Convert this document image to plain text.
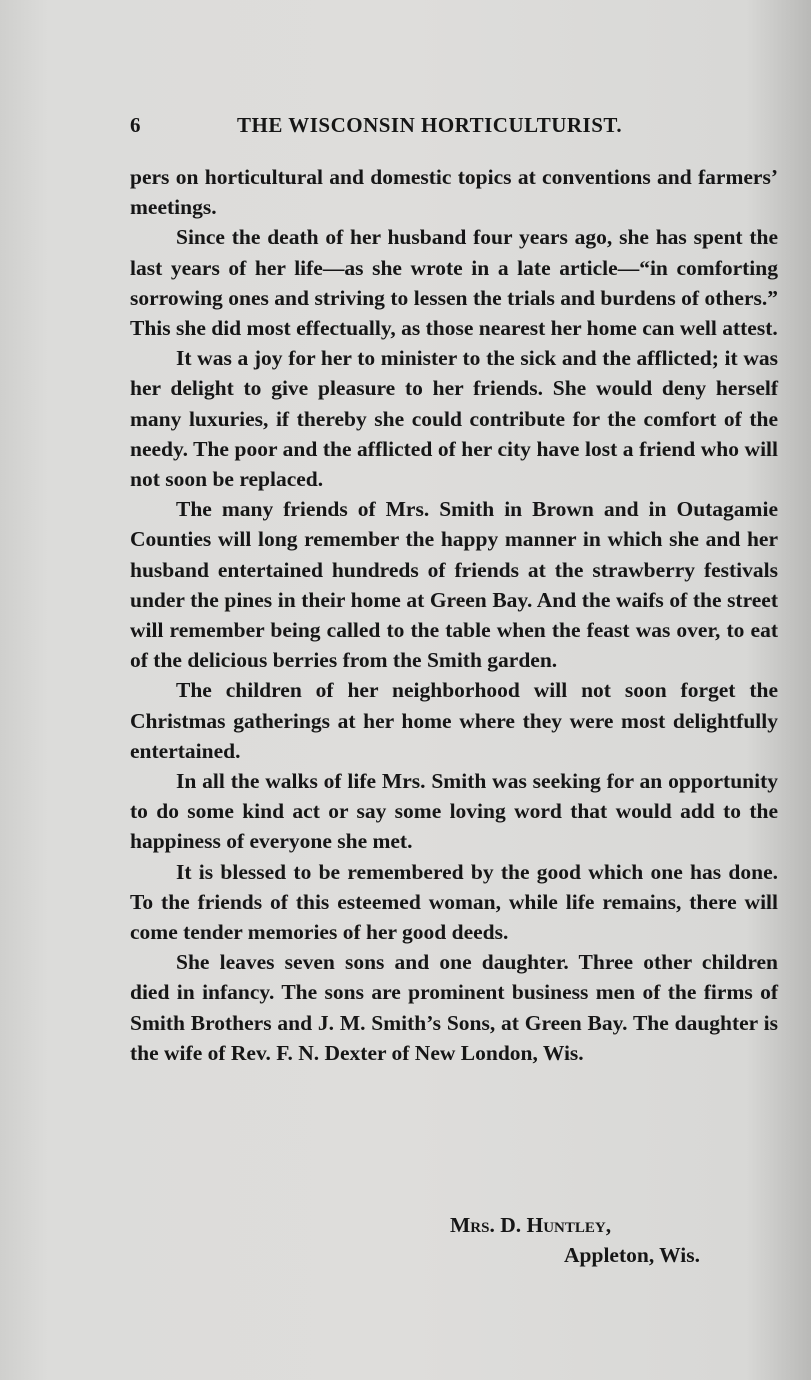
6	THE WISCONSIN HORTICULTURIST.

pers on horticultural and domestic topics at conventions and farmers’ meetings.

Since the death of her husband four years ago, she has spent the last years of her life—as she wrote in a late article—“in comforting sorrowing ones and striving to lessen the trials and burdens of others.” This she did most effectually, as those nearest her home can well attest.

It was a joy for her to minister to the sick and the afflicted; it was her delight to give pleasure to her friends. She would deny herself many luxuries, if thereby she could contribute for the comfort of the needy. The poor and the afflicted of her city have lost a friend who will not soon be replaced.

The many friends of Mrs. Smith in Brown and in Outagamie Counties will long remember the happy manner in which she and her husband entertained hundreds of friends at the strawberry festivals under the pines in their home at Green Bay. And the waifs of the street will remember being called to the table when the feast was over, to eat of the delicious berries from the Smith garden.

The children of her neighborhood will not soon forget the Christmas gatherings at her home where they were most delightfully entertained.

In all the walks of life Mrs. Smith was seeking for an opportunity to do some kind act or say some loving word that would add to the happiness of everyone she met.

It is blessed to be remembered by the good which one has done. To the friends of this esteemed woman, while life remains, there will come tender memories of her good deeds.

She leaves seven sons and one daughter. Three other children died in infancy. The sons are prominent business men of the firms of Smith Brothers and J. M. Smith’s Sons, at Green Bay. The daughter is the wife of Rev. F. N. Dexter of New London, Wis.

Mrs. D. Huntley,
Appleton, Wis.
